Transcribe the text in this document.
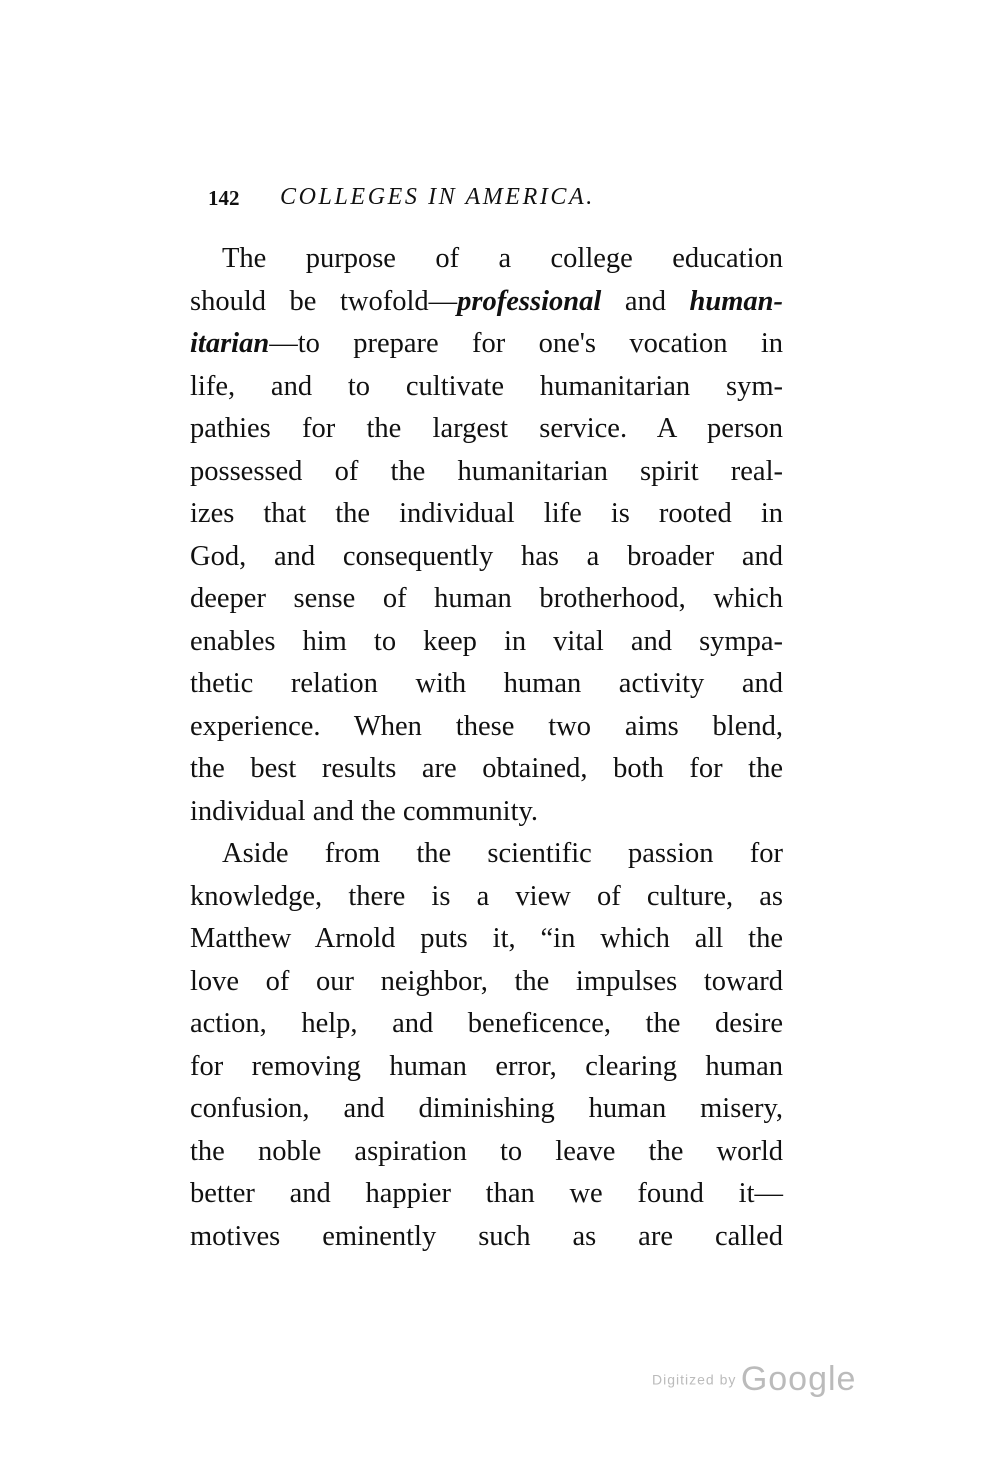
142 COLLEGES IN AMERICA.
The purpose of a college education
should be twofold—professional and human-
itarian—to prepare for one's vocation in
life, and to cultivate humanitarian sym-
pathies for the largest service. A person
possessed of the humanitarian spirit real-
izes that the individual life is rooted in
God, and consequently has a broader and
deeper sense of human brotherhood, which
enables him to keep in vital and sympa-
thetic relation with human activity and
experience. When these two aims blend,
the best results are obtained, both for the
individual and the community.
Aside from the scientific passion for
knowledge, there is a view of culture, as
Matthew Arnold puts it, “in which all the
love of our neighbor, the impulses toward
action, help, and beneficence, the desire
for removing human error, clearing human
confusion, and diminishing human misery,
the noble aspiration to leave the world
better and happier than we found it—
motives eminently such as are called
Digitized by Google
